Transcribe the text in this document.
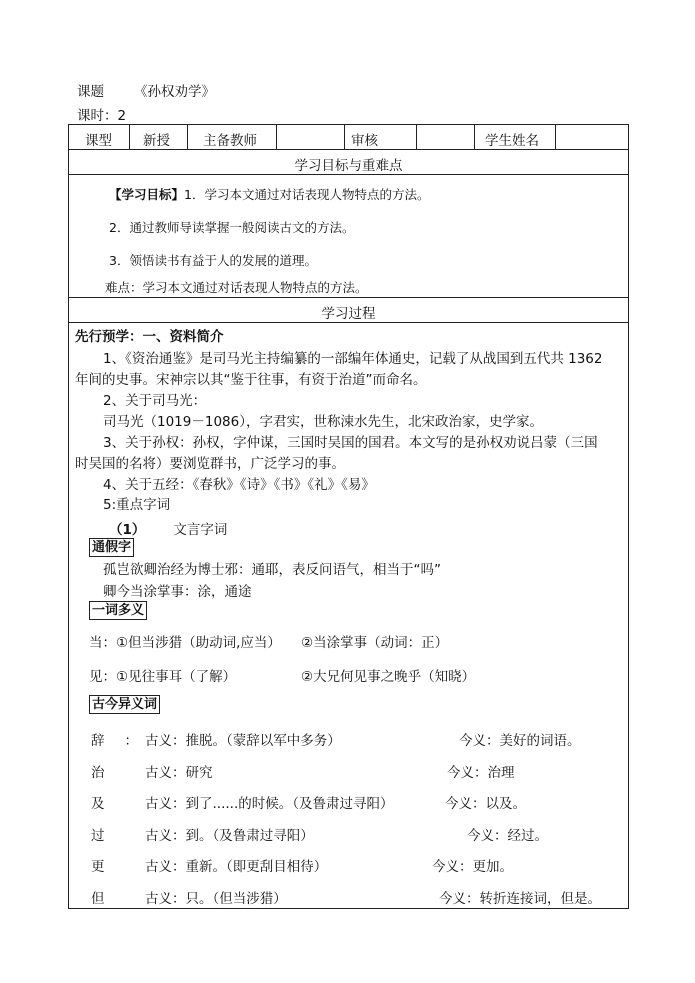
课题 《孙权劝学》
课时：2
课型 新授 主备教师	审核	学生姓名
学习目标与重难点
【学习目标】1．学习本文通过对话表现人物特点的方法。
2．通过教师导读掌握一般阅读古文的方法。
3．领悟读书有益于人的发展的道理。
难点：学习本文通过对话表现人物特点的方法。
学习过程
先行预学：一、资料简介
1、《资治通鉴》是司马光主持编纂的一部编年体通史，记载了从战国到五代共 1362
年间的史事。宋神宗以其“鉴于往事，有资于治道”而命名。
2、关于司马光：
司马光（1019－1086），字君实，世称涑水先生，北宋政治家，史学家。
3、关于孙权：孙权，字仲谋，三国时吴国的国君。本文写的是孙权劝说吕蒙（三国
时吴国的名将）要浏览群书，广泛学习的事。
4、关于五经：《春秋》《诗》《书》《礼》《易》
5:重点字词
（1） 文言字词
通假字
孤岂欲卿治经为博士邪：通耶，表反问语气，相当于“吗”
卿今当涂掌事：涂，通途
一词多义
当：①但当涉猎（助动词,应当） ②当涂掌事（动词：正）
见：①见往事耳（了解）	②大兄何见事之晚乎（知晓）
古今异义词
辞 ： 古义：推脱。（蒙辞以军中多务）	今义：美好的词语。
治	古义：研究	今义：治理
及	古义：到了......的时候。（及鲁肃过寻阳）	今义：以及。
过	古义：到。（及鲁肃过寻阳）	今义：经过。
更	古义：重新。（即更刮目相待）	今义：更加。
但	古义：只。（但当涉猎）	今义：转折连接词，但是。
